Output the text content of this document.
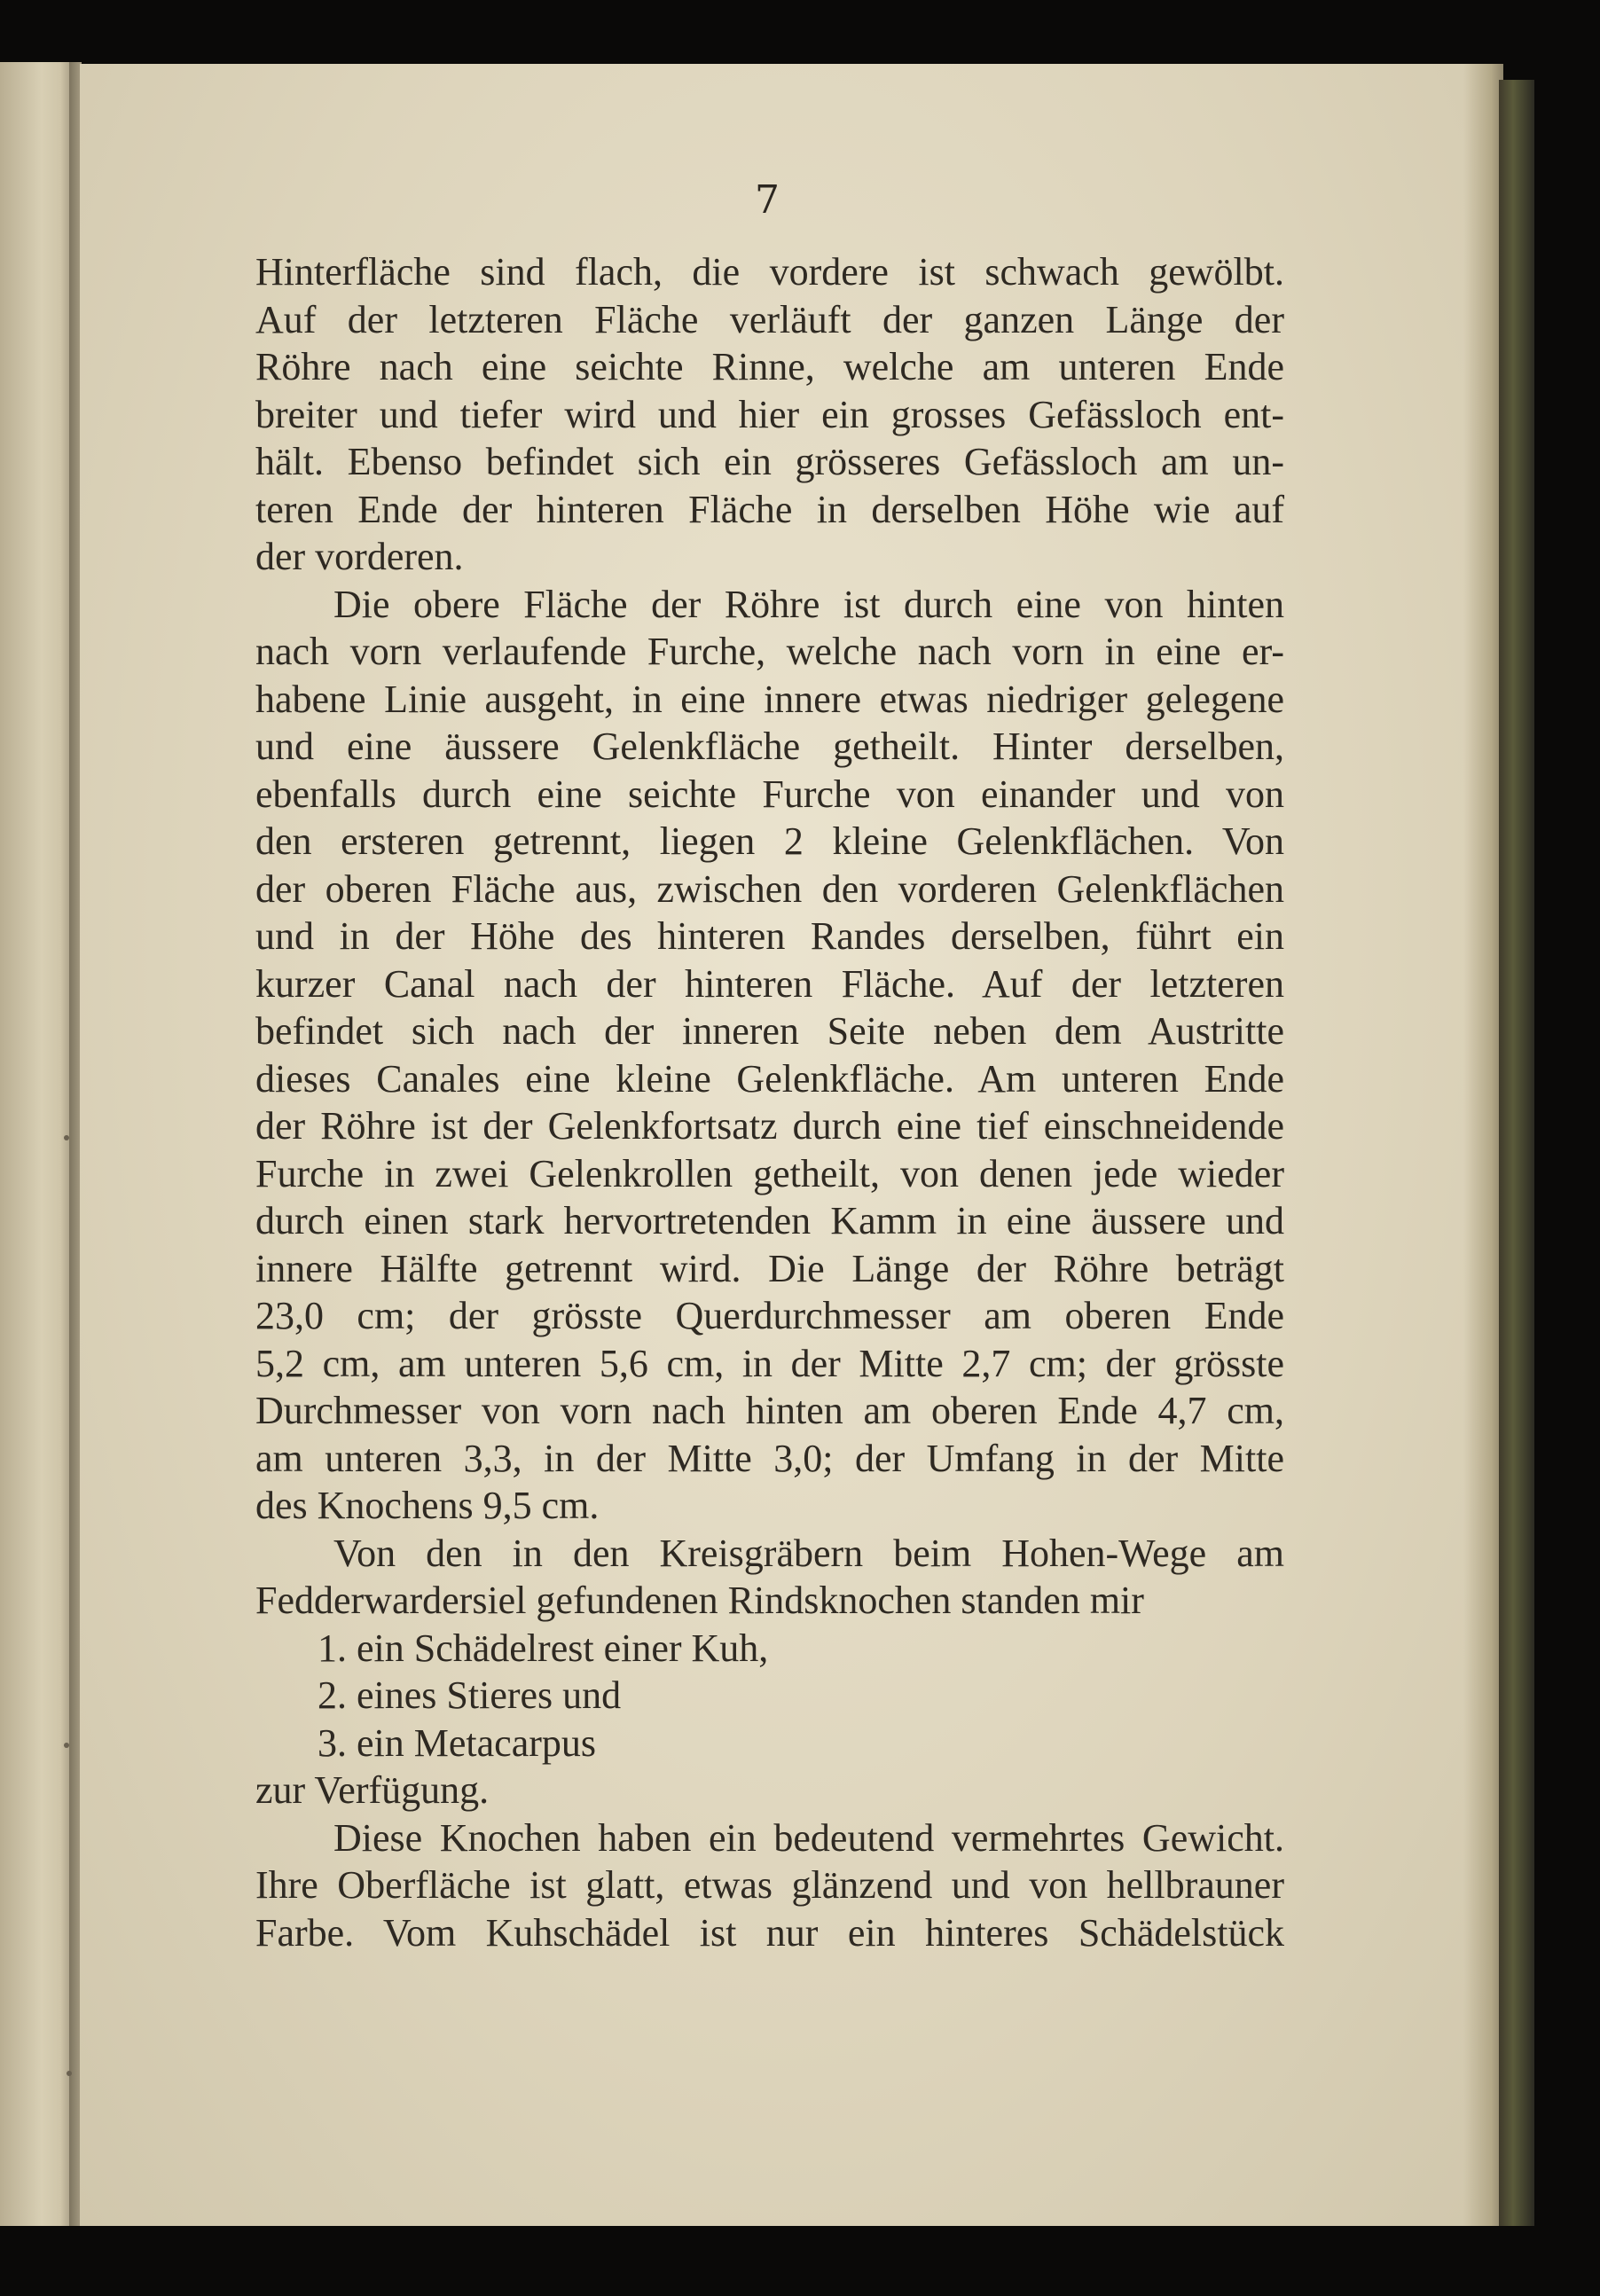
7
Hinterfläche sind flach, die vordere ist schwach gewölbt.
Auf der letzteren Fläche verläuft der ganzen Länge der
Röhre nach eine seichte Rinne, welche am unteren Ende
breiter und tiefer wird und hier ein grosses Gefässloch ent-
hält. Ebenso befindet sich ein grösseres Gefässloch am un-
teren Ende der hinteren Fläche in derselben Höhe wie auf
der vorderen.
Die obere Fläche der Röhre ist durch eine von hinten
nach vorn verlaufende Furche, welche nach vorn in eine er-
habene Linie ausgeht, in eine innere etwas niedriger gelegene
und eine äussere Gelenkfläche getheilt. Hinter derselben,
ebenfalls durch eine seichte Furche von einander und von
den ersteren getrennt, liegen 2 kleine Gelenkflächen. Von
der oberen Fläche aus, zwischen den vorderen Gelenkflächen
und in der Höhe des hinteren Randes derselben, führt ein
kurzer Canal nach der hinteren Fläche. Auf der letzteren
befindet sich nach der inneren Seite neben dem Austritte
dieses Canales eine kleine Gelenkfläche. Am unteren Ende
der Röhre ist der Gelenkfortsatz durch eine tief einschneidende
Furche in zwei Gelenkrollen getheilt, von denen jede wieder
durch einen stark hervortretenden Kamm in eine äussere und
innere Hälfte getrennt wird. Die Länge der Röhre beträgt
23,0 cm; der grösste Querdurchmesser am oberen Ende
5,2 cm, am unteren 5,6 cm, in der Mitte 2,7 cm; der grösste
Durchmesser von vorn nach hinten am oberen Ende 4,7 cm,
am unteren 3,3, in der Mitte 3,0; der Umfang in der Mitte
des Knochens 9,5 cm.
Von den in den Kreisgräbern beim Hohen-Wege am
Fedderwardersiel gefundenen Rindsknochen standen mir
1. ein Schädelrest einer Kuh,
2. eines Stieres und
3. ein Metacarpus
zur Verfügung.
Diese Knochen haben ein bedeutend vermehrtes Gewicht.
Ihre Oberfläche ist glatt, etwas glänzend und von hellbrauner
Farbe. Vom Kuhschädel ist nur ein hinteres Schädelstück
